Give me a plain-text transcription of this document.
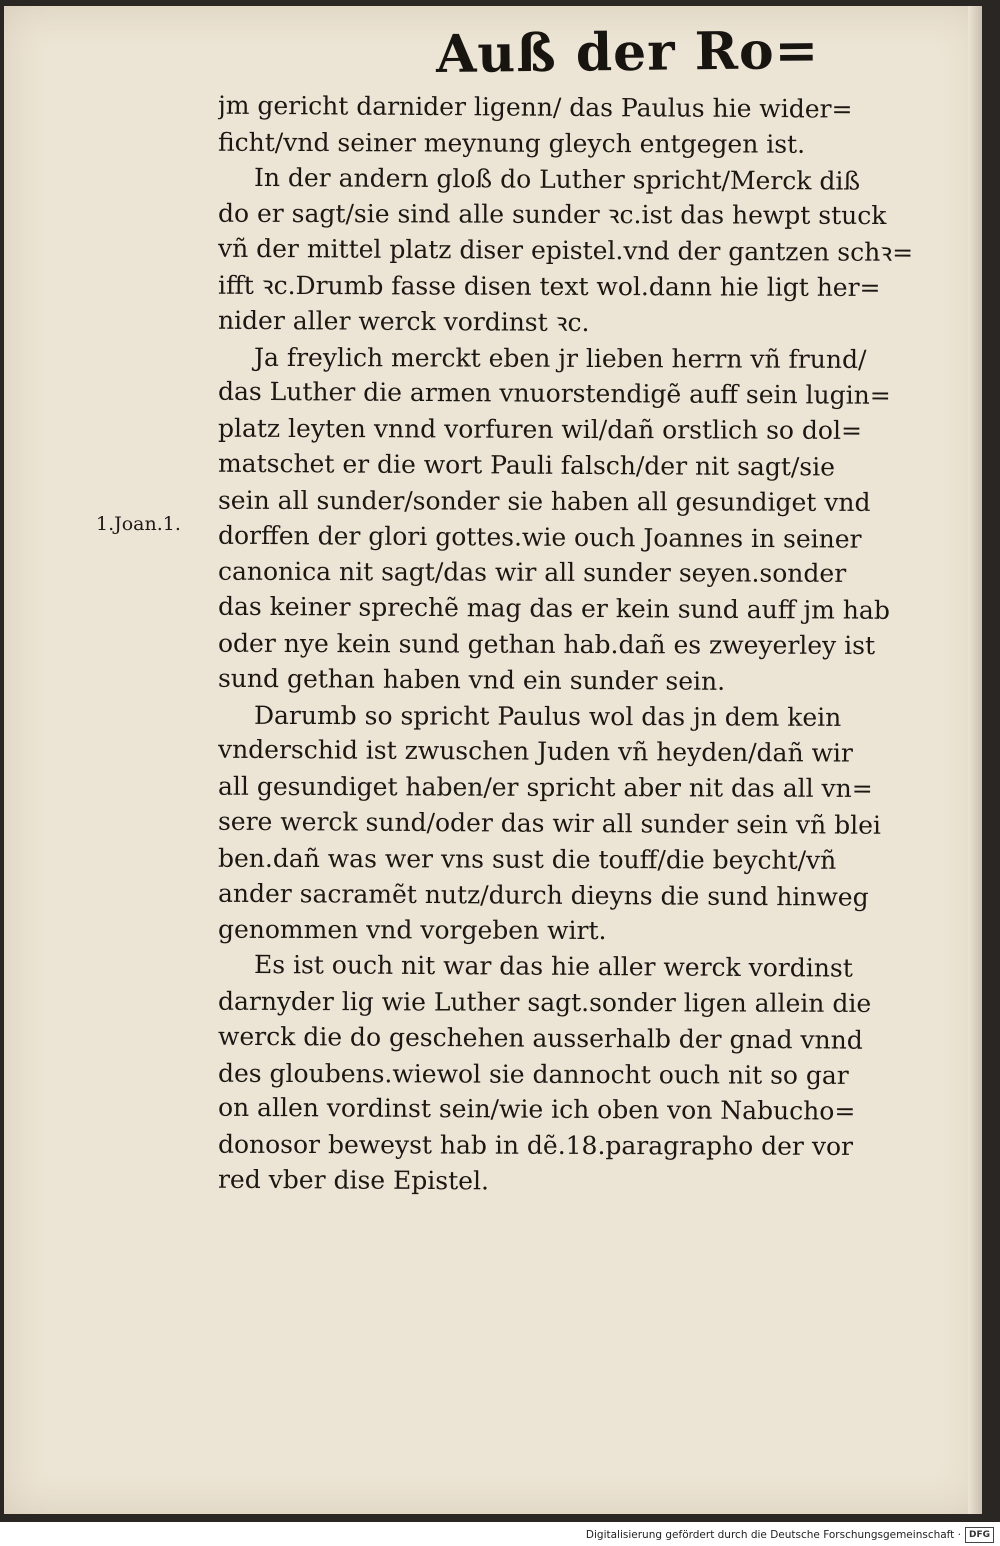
Auß der Ro=
1.Joan.1.
jm gericht darnider ligenn/ das Paulus hie wider=
ficht/vnd seiner meynung gleych entgegen ist.
In der andern gloß do Luther spricht/Merck diß
do er sagt/sie sind alle sunder ꝛc.ist das hewpt stuck
vñ der mittel platz diser epistel.vnd der gantzen schꝛ=
ifft ꝛc.Drumb fasse disen text wol.dann hie ligt her=
nider aller werck vordinst ꝛc.
Ja freylich merckt eben jr lieben herrn vñ frund/
das Luther die armen vnuorstendigẽ auff sein lugin=
platz leyten vnnd vorfuren wil/dañ orstlich so dol=
matschet er die wort Pauli falsch/der nit sagt/sie
sein all sunder/sonder sie haben all gesundiget vnd
dorffen der glori gottes.wie ouch Joannes in seiner
canonica nit sagt/das wir all sunder seyen.sonder
das keiner sprechẽ mag das er kein sund auff jm hab
oder nye kein sund gethan hab.dañ es zweyerley ist
sund gethan haben vnd ein sunder sein.
Darumb so spricht Paulus wol das jn dem kein
vnderschid ist zwuschen Juden vñ heyden/dañ wir
all gesundiget haben/er spricht aber nit das all vn=
sere werck sund/oder das wir all sunder sein vñ blei
ben.dañ was wer vns sust die touff/die beycht/vñ
ander sacramẽt nutz/durch dieyns die sund hinweg
genommen vnd vorgeben wirt.
Es ist ouch nit war das hie aller werck vordinst
darnyder lig wie Luther sagt.sonder ligen allein die
werck die do geschehen ausserhalb der gnad vnnd
des gloubens.wiewol sie dannocht ouch nit so gar
on allen vordinst sein/wie ich oben von Nabucho=
donosor beweyst hab in dẽ.18.paragrapho der vor
red vber dise Epistel.
Digitalisierung gefördert durch die Deutsche Forschungsgemeinschaft · DFG
